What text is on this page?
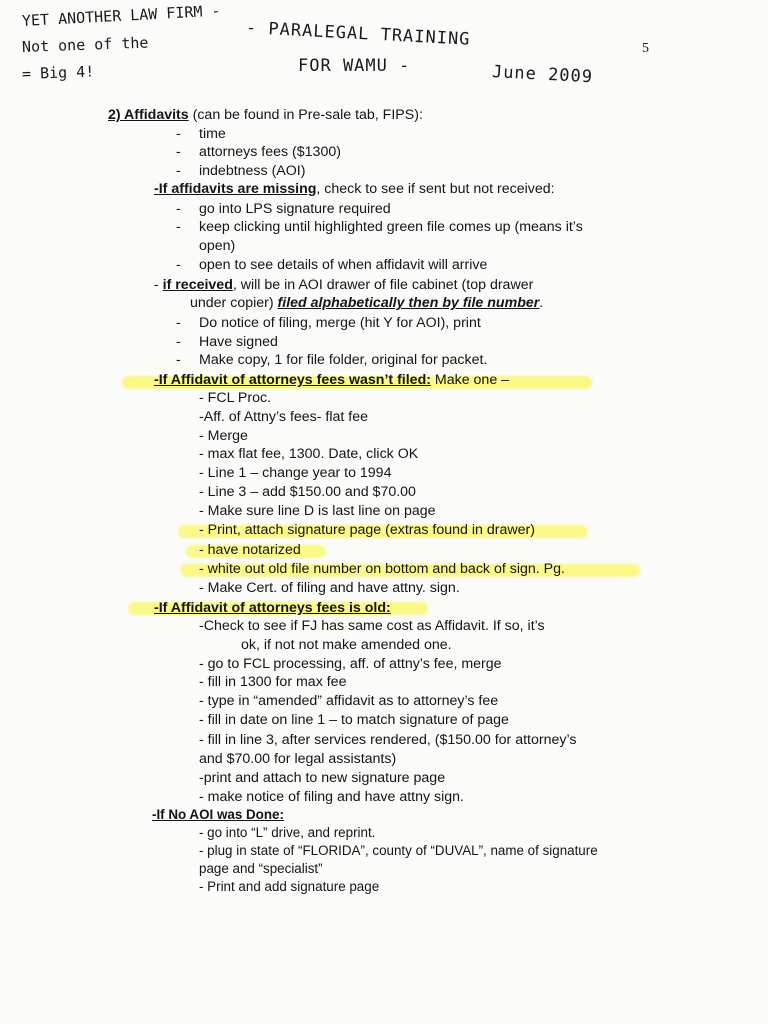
YET ANOTHER LAW FIRM -
Not one of the
= Big 4!
- PARALEGAL TRAINING
FOR WAMU -	June 2009
5
2) Affidavits (can be found in Pre-sale tab, FIPS):
- time
- attorneys fees ($1300)
- indebtness (AOI)
-If affidavits are missing, check to see if sent but not received:
- go into LPS signature required
- keep clicking until highlighted green file comes up (means it’s
open)
- open to see details of when affidavit will arrive
- if received, will be in AOI drawer of file cabinet (top drawer
under copier) filed alphabetically then by file number.
- Do notice of filing, merge (hit Y for AOI), print
- Have signed
- Make copy, 1 for file folder, original for packet.
-If Affidavit of attorneys fees wasn’t filed: Make one –
- FCL Proc.
-Aff. of Attny’s fees- flat fee
- Merge
- max flat fee, 1300. Date, click OK
- Line 1 – change year to 1994
- Line 3 – add $150.00 and $70.00
- Make sure line D is last line on page
- Print, attach signature page (extras found in drawer)
- have notarized
- white out old file number on bottom and back of sign. Pg.
- Make Cert. of filing and have attny. sign.
-If Affidavit of attorneys fees is old:
-Check to see if FJ has same cost as Affidavit. If so, it’s
ok, if not not make amended one.
- go to FCL processing, aff. of attny’s fee, merge
- fill in 1300 for max fee
- type in “amended” affidavit as to attorney’s fee
- fill in date on line 1 – to match signature of page
- fill in line 3, after services rendered, ($150.00 for attorney’s
and $70.00 for legal assistants)
-print and attach to new signature page
- make notice of filing and have attny sign.
-If No AOI was Done:
- go into “L” drive, and reprint.
- plug in state of “FLORIDA”, county of “DUVAL”, name of signature
page and “specialist”
- Print and add signature page
